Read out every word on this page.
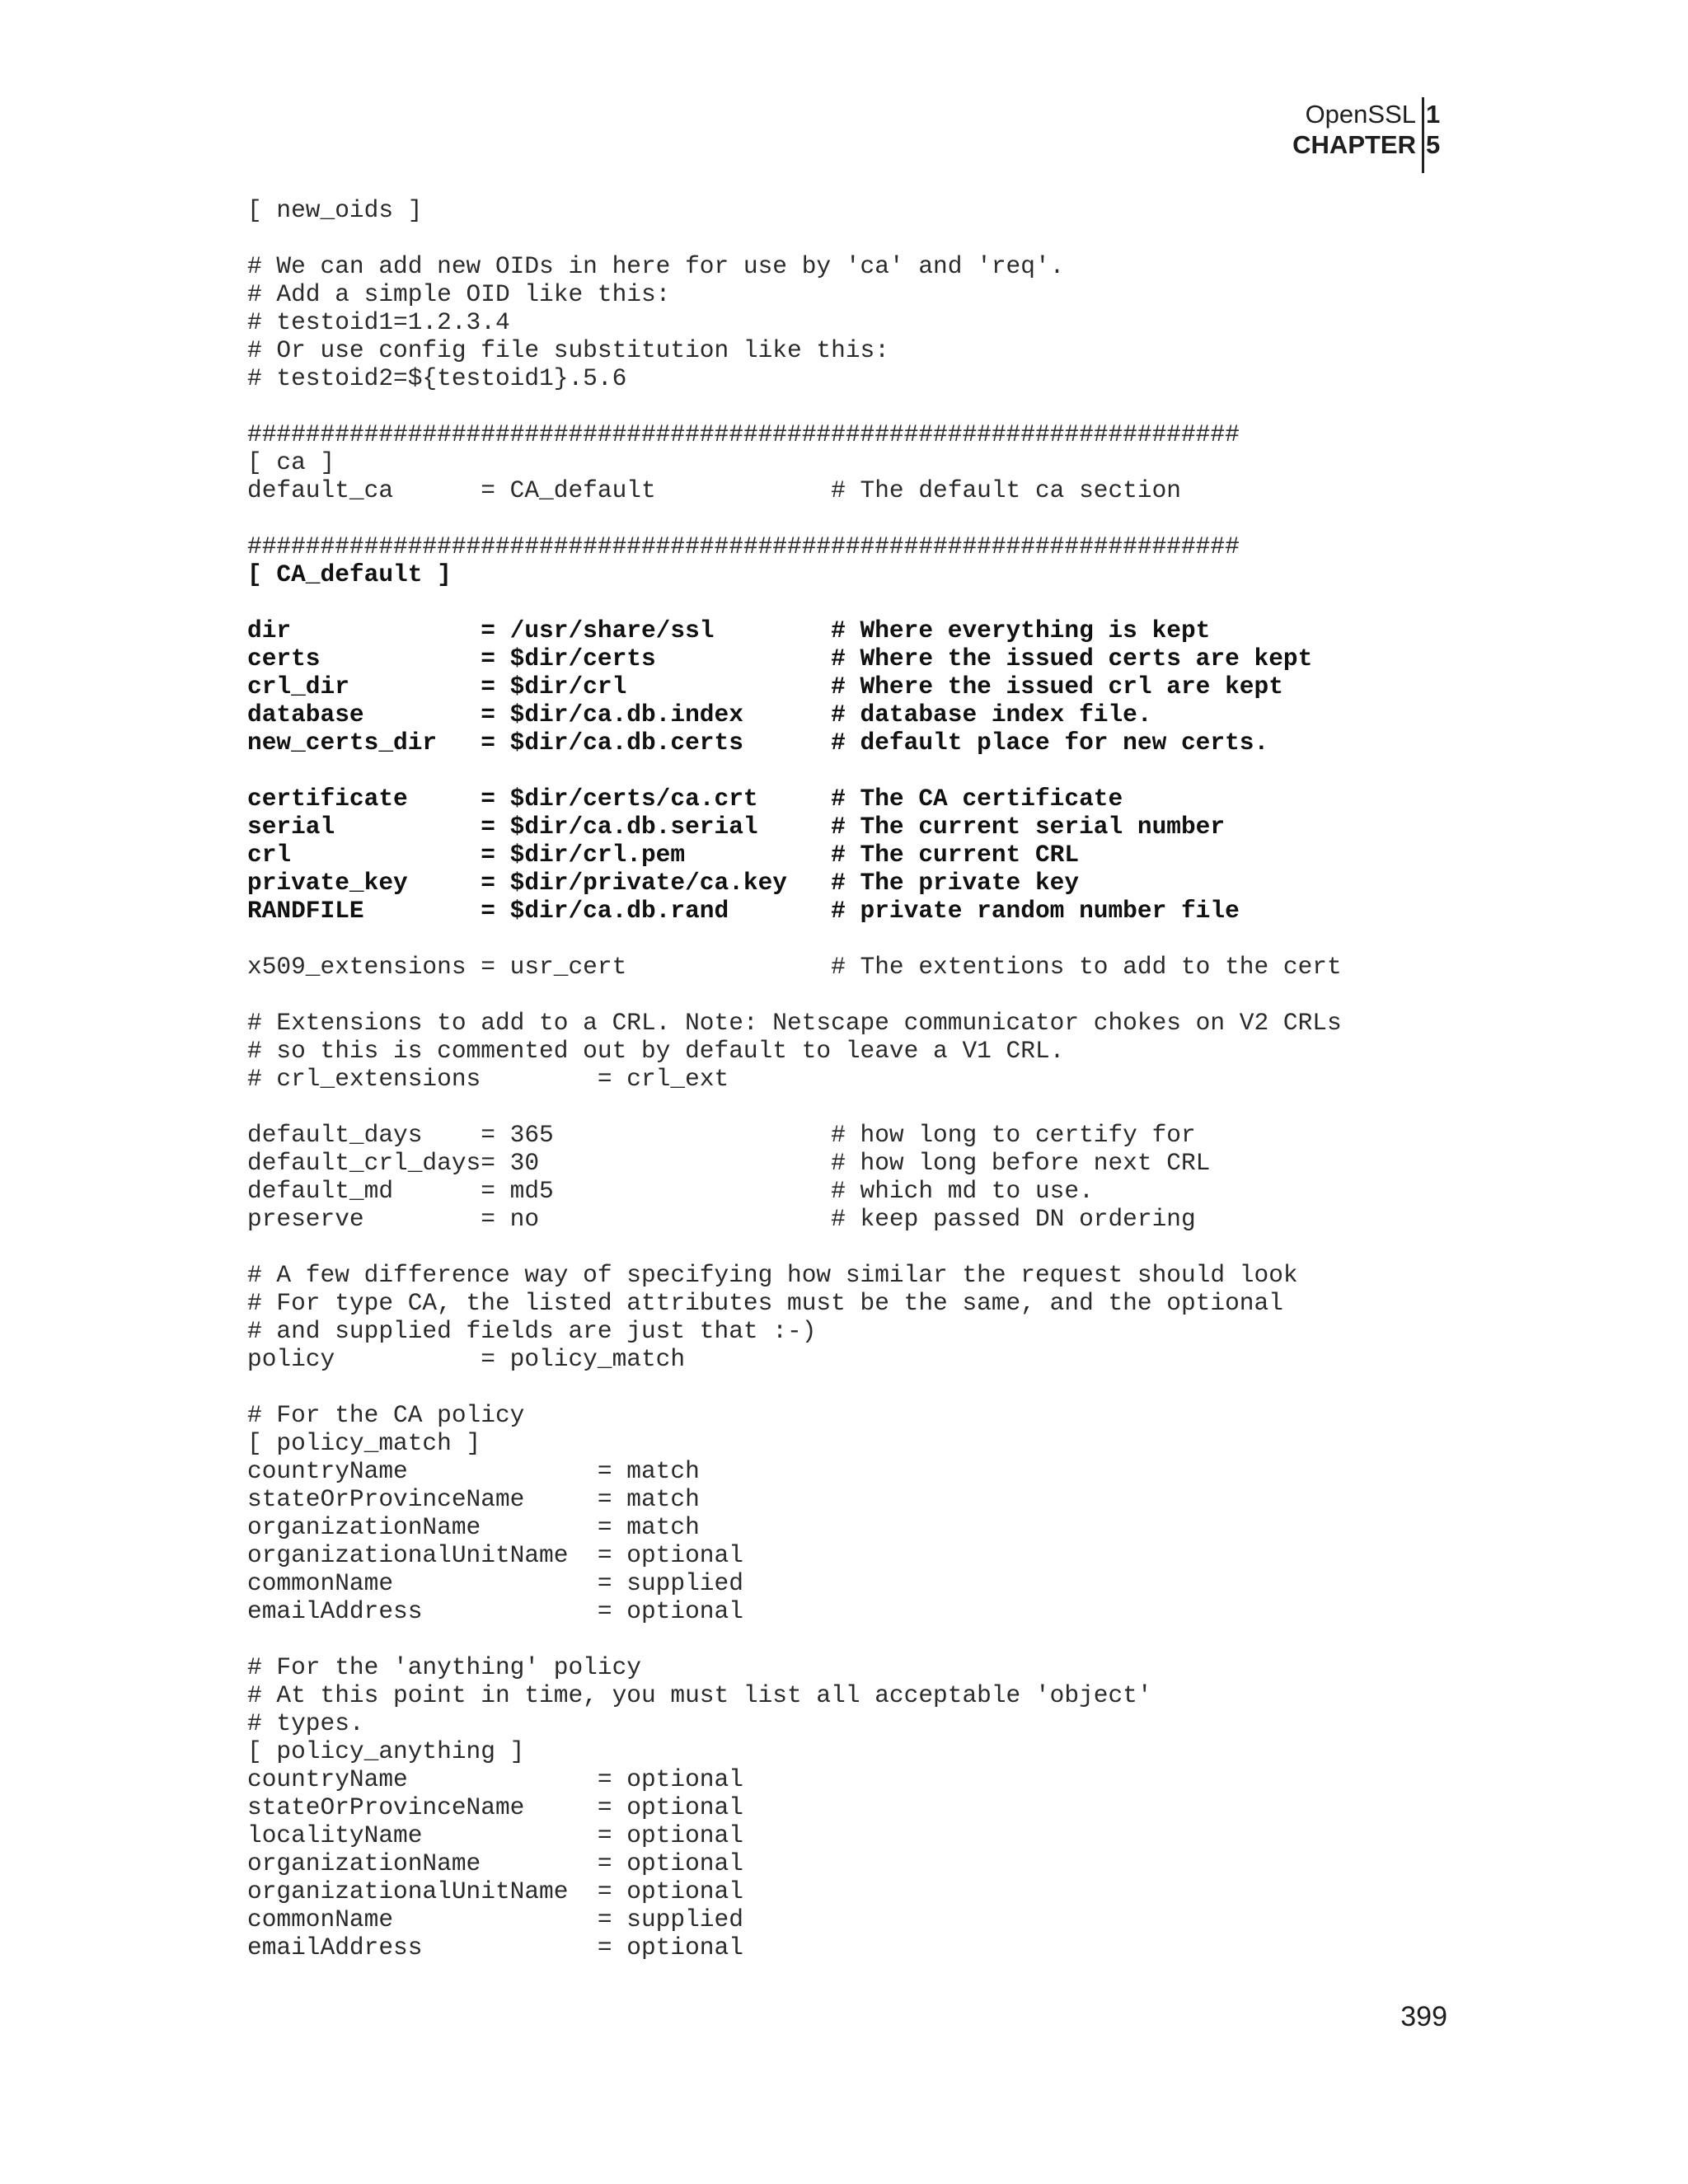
OpenSSL
CHAPTER
1
5
[ new_oids ]
# We can add new OIDs in here for use by 'ca' and 'req'.
# Add a simple OID like this:
# testoid1=1.2.3.4
# Or use config file substitution like this:
# testoid2=${testoid1}.5.6
####################################################################
[ ca ]
default_ca      = CA_default            # The default ca section
####################################################################
[ CA_default ]
dir             = /usr/share/ssl        # Where everything is kept
certs           = $dir/certs            # Where the issued certs are kept
crl_dir         = $dir/crl              # Where the issued crl are kept
database        = $dir/ca.db.index      # database index file.
new_certs_dir   = $dir/ca.db.certs      # default place for new certs.
certificate     = $dir/certs/ca.crt     # The CA certificate
serial          = $dir/ca.db.serial     # The current serial number
crl             = $dir/crl.pem          # The current CRL
private_key     = $dir/private/ca.key   # The private key
RANDFILE        = $dir/ca.db.rand       # private random number file
x509_extensions = usr_cert              # The extentions to add to the cert
# Extensions to add to a CRL. Note: Netscape communicator chokes on V2 CRLs
# so this is commented out by default to leave a V1 CRL.
# crl_extensions        = crl_ext
default_days    = 365                   # how long to certify for
default_crl_days= 30                    # how long before next CRL
default_md      = md5                   # which md to use.
preserve        = no                    # keep passed DN ordering
# A few difference way of specifying how similar the request should look
# For type CA, the listed attributes must be the same, and the optional
# and supplied fields are just that :-)
policy          = policy_match
# For the CA policy
[ policy_match ]
countryName             = match
stateOrProvinceName     = match
organizationName        = match
organizationalUnitName  = optional
commonName              = supplied
emailAddress            = optional
# For the 'anything' policy
# At this point in time, you must list all acceptable 'object'
# types.
[ policy_anything ]
countryName             = optional
stateOrProvinceName     = optional
localityName            = optional
organizationName        = optional
organizationalUnitName  = optional
commonName              = supplied
emailAddress            = optional
399
